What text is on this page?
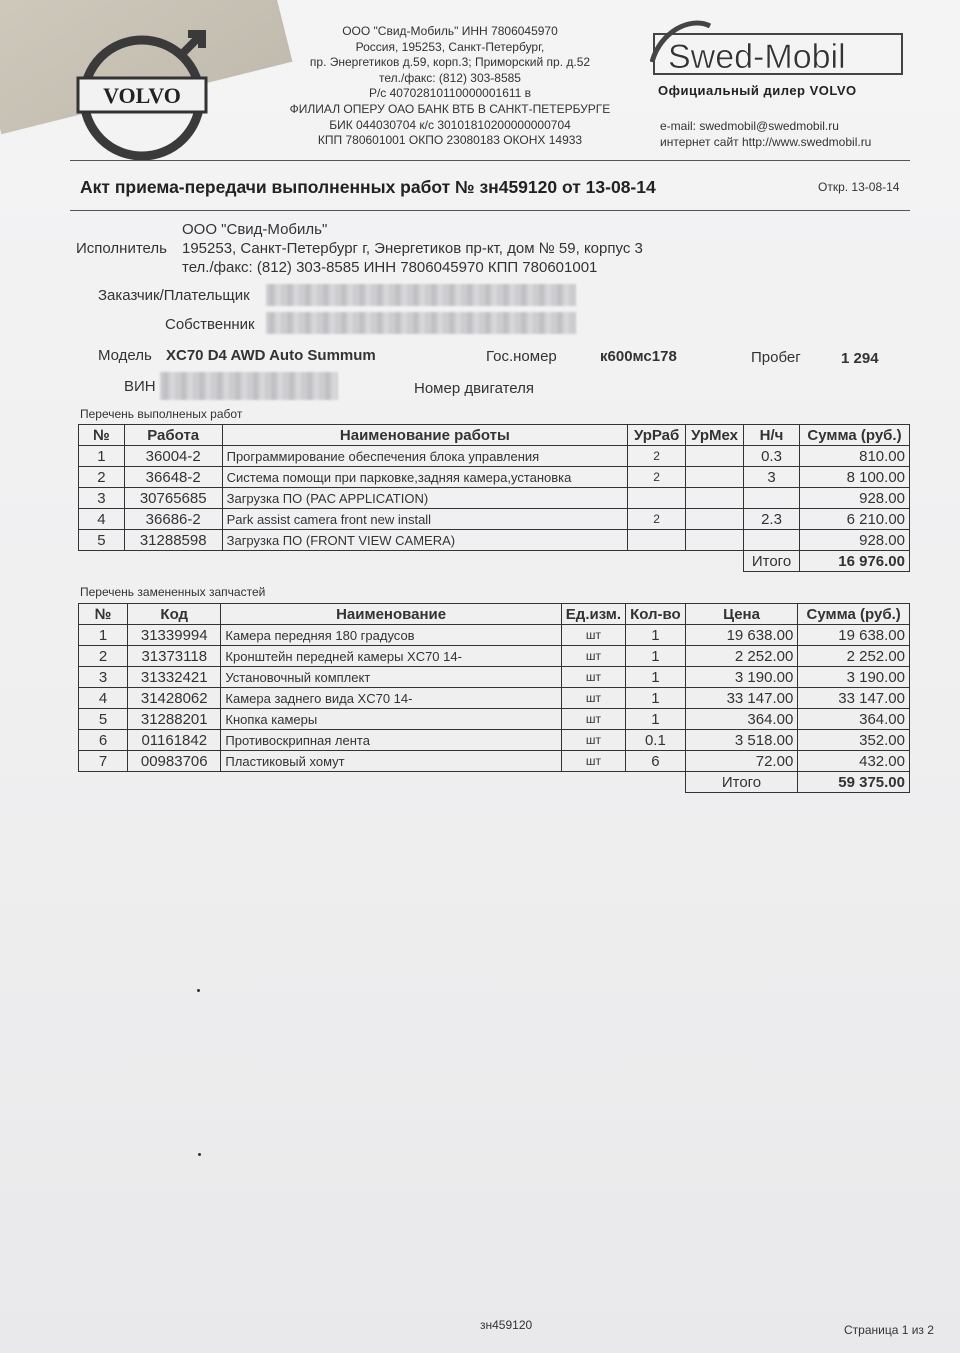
VOLVO
ООО "Свид-Мобиль" ИНН 7806045970
Россия, 195253, Санкт-Петербург,
пр. Энергетиков д.59, корп.3; Приморский пр. д.52
тел./факс: (812) 303-8585
Р/с 40702810110000001611 в
ФИЛИАЛ ОПЕРУ ОАО БАНК ВТБ В САНКТ-ПЕТЕРБУРГЕ
БИК 044030704 к/с 30101810200000000704
КПП 780601001 ОКПО 23080183 ОКОНХ 14933
Swed-Mobil
Официальный дилер VOLVO
e-mail: swedmobil@swedmobil.ru
интернет сайт http://www.swedmobil.ru
Акт приема-передачи выполненных работ № зн459120 от 13-08-14	Откр. 13-08-14
ООО "Свид-Мобиль"
Исполнитель 195253, Санкт-Петербург г, Энергетиков пр-кт, дом № 59, корпус 3
тел./факс: (812) 303-8585 ИНН 7806045970 КПП 780601001
Заказчик/Плательщик
Собственник
Модель XC70 D4 AWD Auto Summum	Гос.номер	к600мс178	Пробег	1 294
ВИН	Номер двигателя
Перечень выполненых работ
№	Работа	Наименование работы	УрРаб	УрМех	Н/ч	Сумма (руб.)
1	36004-2	Программирование обеспечения блока управления	2		0.3	810.00
2	36648-2	Система помощи при парковке,задняя камера,установка	2		3	8 100.00
3	30765685	Загрузка ПО (PAC APPLICATION)				928.00
4	36686-2	Park assist camera front new install	2		2.3	6 210.00
5	31288598	Загрузка ПО (FRONT VIEW CAMERA)				928.00
					Итого	16 976.00
Перечень замененных запчастей
№	Код	Наименование	Ед.изм.	Кол-во	Цена	Сумма (руб.)
1	31339994	Камера передняя 180 градусов	шт	1	19 638.00	19 638.00
2	31373118	Кронштейн передней камеры XC70 14-	шт	1	2 252.00	2 252.00
3	31332421	Установочный комплект	шт	1	3 190.00	3 190.00
4	31428062	Камера заднего вида XC70 14-	шт	1	33 147.00	33 147.00
5	31288201	Кнопка камеры	шт	1	364.00	364.00
6	01161842	Противоскрипная лента	шт	0.1	3 518.00	352.00
7	00983706	Пластиковый хомут	шт	6	72.00	432.00
					Итого	59 375.00
зн459120	Страница 1 из 2
